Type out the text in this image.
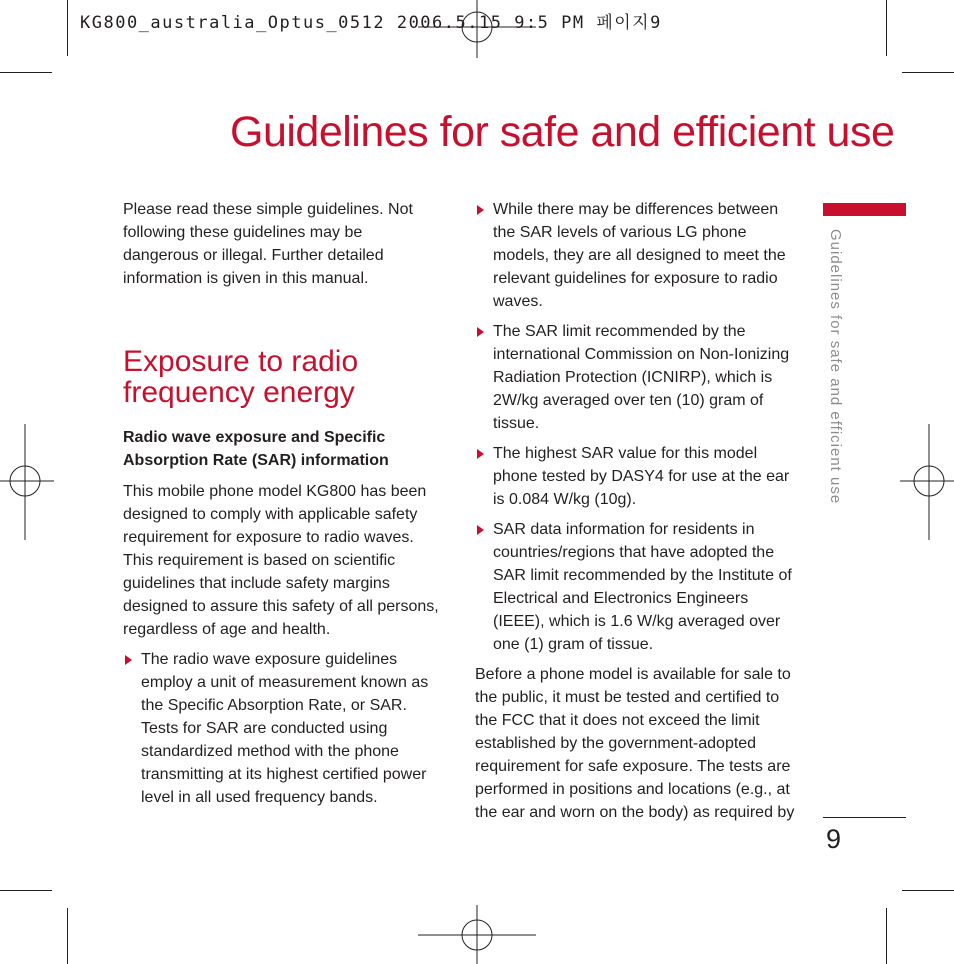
KG800_australia_Optus_0512 2006.5.15 9:5 PM 페이지9
Guidelines for safe and efficient use

Please read these simple guidelines. Not following these guidelines may be dangerous or illegal. Further detailed information is given in this manual.

Exposure to radio
frequency energy

Radio wave exposure and Specific
Absorption Rate (SAR) information

This mobile phone model KG800 has been designed to comply with applicable safety requirement for exposure to radio waves. This requirement is based on scientific guidelines that include safety margins designed to assure this safety of all persons, regardless of age and health.

The radio wave exposure guidelines employ a unit of measurement known as the Specific Absorption Rate, or SAR. Tests for SAR are conducted using standardized method with the phone transmitting at its highest certified power level in all used frequency bands.

While there may be differences between the SAR levels of various LG phone models, they are all designed to meet the relevant guidelines for exposure to radio waves.

The SAR limit recommended by the international Commission on Non-Ionizing Radiation Protection (ICNIRP), which is 2W/kg averaged over ten (10) gram of tissue.

The highest SAR value for this model phone tested by DASY4 for use at the ear is 0.084 W/kg (10g).

SAR data information for residents in countries/regions that have adopted the SAR limit recommended by the Institute of Electrical and Electronics Engineers (IEEE), which is 1.6 W/kg averaged over one (1) gram of tissue.

Before a phone model is available for sale to the public, it must be tested and certified to the FCC that it does not exceed the limit established by the government-adopted requirement for safe exposure. The tests are performed in positions and locations (e.g., at the ear and worn on the body) as required by

Guidelines for safe and efficient use
9
